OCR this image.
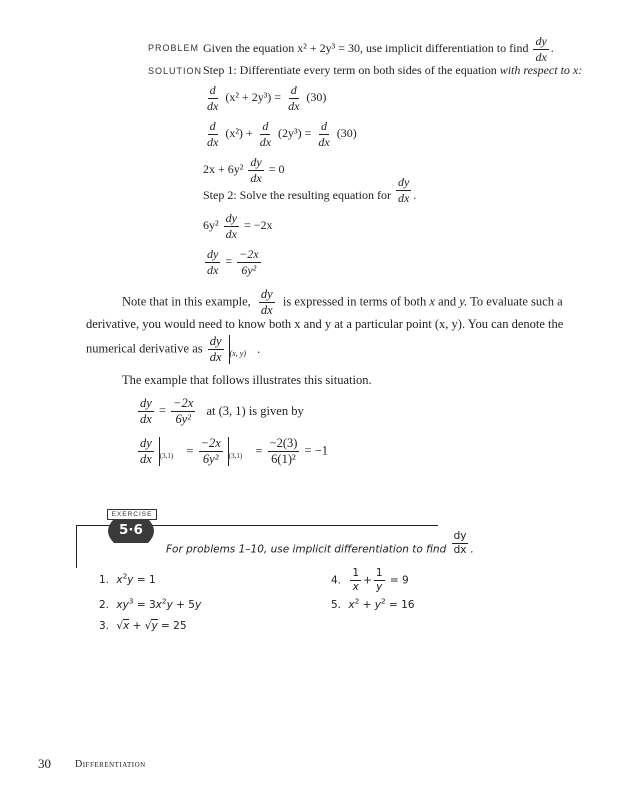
PROBLEM Given the equation x² + 2y³ = 30, use implicit differentiation to find $\frac{dy}{dx}$ .
SOLUTION Step 1: Differentiate every term on both sides of the equation with respect to x:
$\frac{d}{dx} (x^2 + 2y^3) = \frac{d}{dx} (30)$
$\frac{d}{dx} (x^2) + \frac{d}{dx} (2y^3) = \frac{d}{dx} (30)$
$2x + 6y^2 \frac{dy}{dx} = 0$
Step 2: Solve the resulting equation for $\frac{dy}{dx}$ .
$6y^2 \frac{dy}{dx} = -2x$
$\frac{dy}{dx} = \frac{-2x}{\text{6y²}}$
Note that in this example, $\frac{dy}{dx}$ is expressed in terms of both x and y. To evaluate such a
derivative, you would need to know both x and y at a particular point (x, y). You can denote the
numerical derivative as $\frac{dy}{dx} _{(x, y)}$ .
The example that follows illustrates this situation.
$\frac{dy}{dx} = \frac{-2x}{\text{6y²}}$ at (3, 1) is given by
$\frac{dy}{dx} _{(3,1)} = \frac{-2x}{\text{6y²}} _{(3,1)} = \frac{-2(3)}{\text{6(1)²}} = -1$
EXERCISE
5·6
For problems 1–10, use implicit differentiation to find $\frac{dy}{dx}$ .
1. $x^2y = 1$
2. $xy^3 = 3x^2y + 5y$
3. √x + √y = 25
4. $\frac{1}{x} + \frac{1}{y} = 9$
5. $x^2 + y^2 = 16$
30 Differentiation
